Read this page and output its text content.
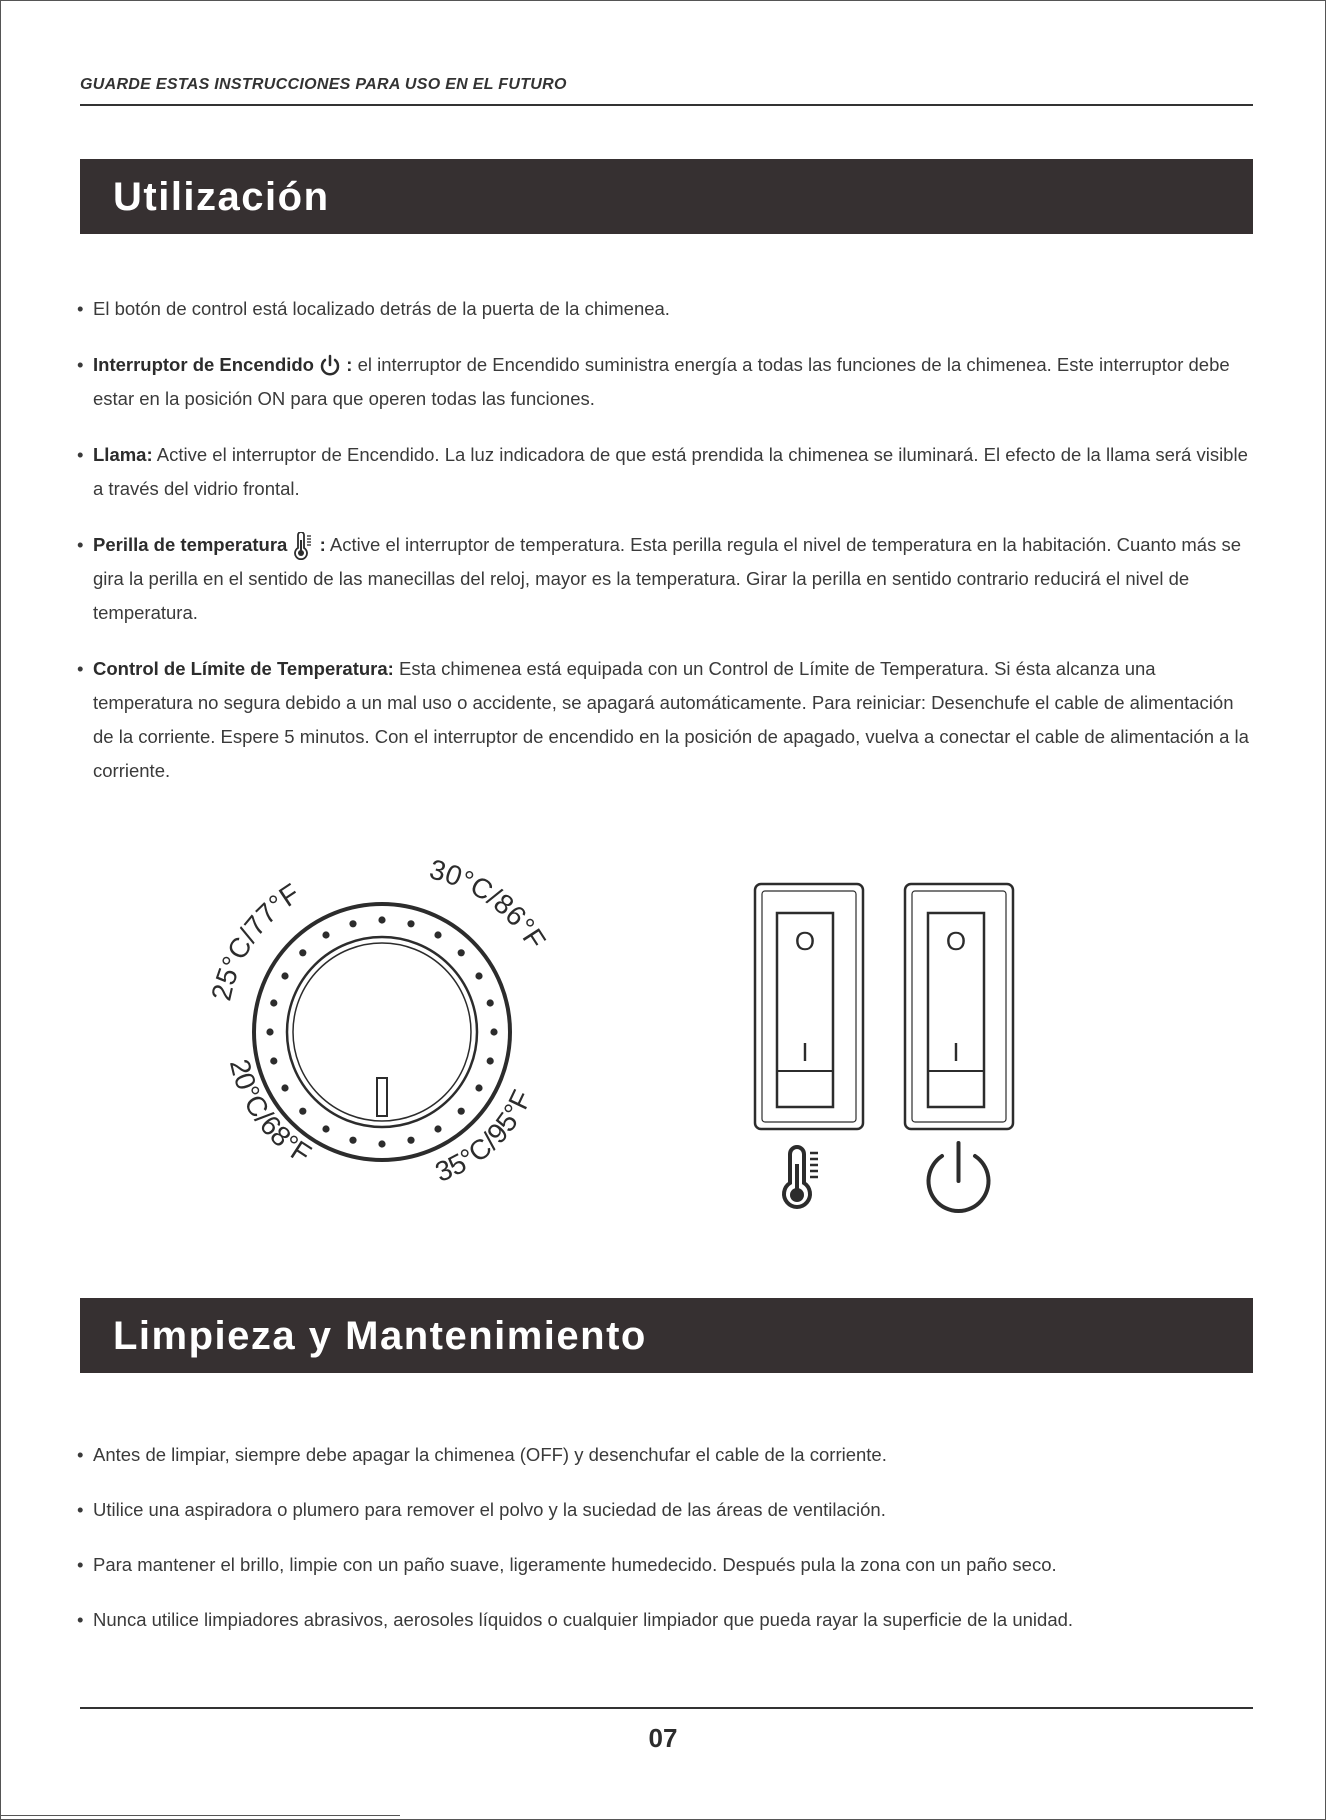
GUARDE ESTAS INSTRUCCIONES PARA USO EN EL FUTURO
Utilización

• El botón de control está localizado detrás de la puerta de la chimenea.

• Interruptor de Encendido : el interruptor de Encendido suministra energía a todas las funciones de la chimenea. Este interruptor debe estar en la posición ON para que operen todas las funciones.

• Llama: Active el interruptor de Encendido. La luz indicadora de que está prendida la chimenea se iluminará. El efecto de la llama será visible a través del vidrio frontal.

• Perilla de temperatura : Active el interruptor de temperatura. Esta perilla regula el nivel de temperatura en la habitación. Cuanto más se gira la perilla en el sentido de las manecillas del reloj, mayor es la temperatura. Girar la perilla en sentido contrario reducirá el nivel de temperatura.

• Control de Límite de Temperatura: Esta chimenea está equipada con un Control de Límite de Temperatura. Si ésta alcanza una temperatura no segura debido a un mal uso o accidente, se apagará automáticamente. Para reiniciar: Desenchufe el cable de alimentación de la corriente. Espere 5 minutos. Con el interruptor de encendido en la posición de apagado, vuelva a conectar el cable de alimentación a la corriente.

25°C/77°F
30°C/86°F
20°C/68°F
35°C/95°F
O
I
O
I
Limpieza y Mantenimiento

• Antes de limpiar, siempre debe apagar la chimenea (OFF) y desenchufar el cable de la corriente.

• Utilice una aspiradora o plumero para remover el polvo y la suciedad de las áreas de ventilación.

• Para mantener el brillo, limpie con un paño suave, ligeramente humedecido. Después pula la zona con un paño seco.

• Nunca utilice limpiadores abrasivos, aerosoles líquidos o cualquier limpiador que pueda rayar la superficie de la unidad.

07
